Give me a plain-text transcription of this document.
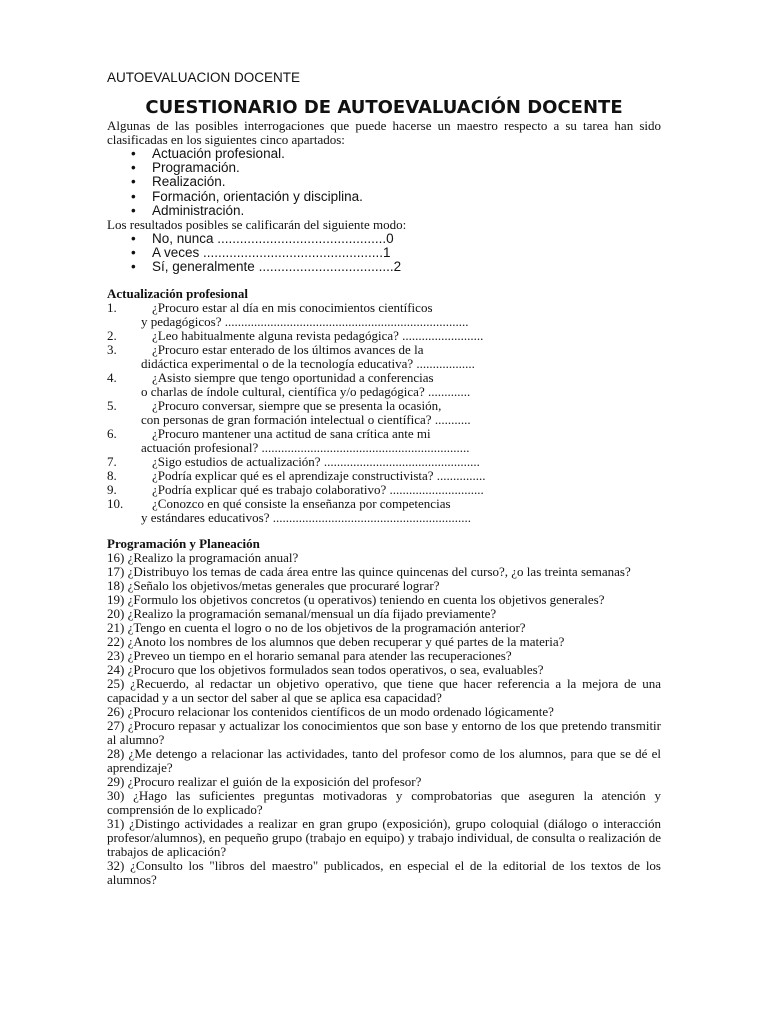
AUTOEVALUACION DOCENTE
CUESTIONARIO DE AUTOEVALUACIÓN DOCENTE
Algunas de las posibles interrogaciones que puede hacerse un maestro respecto a su tarea han sido clasificadas en los siguientes cinco apartados:
• Actuación profesional.
• Programación.
• Realización.
• Formación, orientación y disciplina.
• Administración.
Los resultados posibles se calificarán del siguiente modo:
• No, nunca .............................................0
• A veces ................................................1
• Sí, generalmente ....................................2
Actualización profesional
1.	¿Procuro estar al día en mis conocimientos científicos
y pedagógicos? ...........................................................................
2.	¿Leo habitualmente alguna revista pedagógica? .........................
3.	¿Procuro estar enterado de los últimos avances de la
didáctica experimental o de la tecnología educativa? ..................
4.	¿Asisto siempre que tengo oportunidad a conferencias
o charlas de índole cultural, científica y/o pedagógica? .............
5.	¿Procuro conversar, siempre que se presenta la ocasión,
con personas de gran formación intelectual o científica? ...........
6.	¿Procuro mantener una actitud de sana crítica ante mi
actuación profesional? ................................................................
7.	¿Sigo estudios de actualización? ................................................
8.	¿Podría explicar qué es el aprendizaje constructivista? ...............
9.	¿Podría explicar qué es trabajo colaborativo? .............................
10. ¿Conozco en qué consiste la enseñanza por competencias
y estándares educativos? .............................................................
Programación y Planeación
16) ¿Realizo la programación anual?
17) ¿Distribuyo los temas de cada área entre las quince quincenas del curso?, ¿o las treinta semanas?
18) ¿Señalo los objetivos/metas generales que procuraré lograr?
19) ¿Formulo los objetivos concretos (u operativos) teniendo en cuenta los objetivos generales?
20) ¿Realizo la programación semanal/mensual un día fijado previamente?
21) ¿Tengo en cuenta el logro o no de los objetivos de la programación anterior?
22) ¿Anoto los nombres de los alumnos que deben recuperar y qué partes de la materia?
23) ¿Preveo un tiempo en el horario semanal para atender las recuperaciones?
24) ¿Procuro que los objetivos formulados sean todos operativos, o sea, evaluables?
25) ¿Recuerdo, al redactar un objetivo operativo, que tiene que hacer referencia a la mejora de una capacidad y a un sector del saber al que se aplica esa capacidad?
26) ¿Procuro relacionar los contenidos científicos de un modo ordenado lógicamente?
27) ¿Procuro repasar y actualizar los conocimientos que son base y entorno de los que pretendo transmitir al alumno?
28) ¿Me detengo a relacionar las actividades, tanto del profesor como de los alumnos, para que se dé el aprendizaje?
29) ¿Procuro realizar el guión de la exposición del profesor?
30) ¿Hago las suficientes preguntas motivadoras y comprobatorias que aseguren la atención y comprensión de lo explicado?
31) ¿Distingo actividades a realizar en gran grupo (exposición), grupo coloquial (diálogo o interacción profesor/alumnos), en pequeño grupo (trabajo en equipo) y trabajo individual, de consulta o realización de trabajos de aplicación?
32) ¿Consulto los "libros del maestro" publicados, en especial el de la editorial de los textos de los alumnos?
